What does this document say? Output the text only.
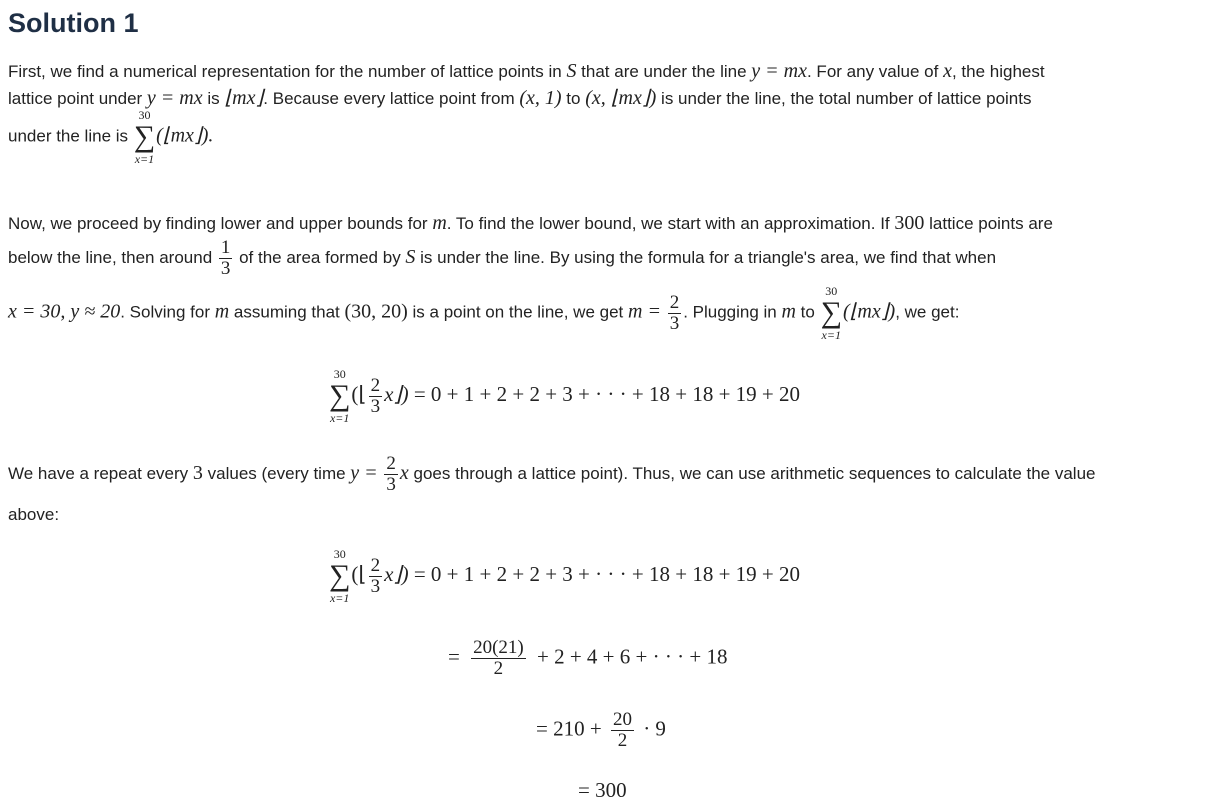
Solution 1
First, we find a numerical representation for the number of lattice points in S that are under the line y = mx. For any value of x, the highest
lattice point under y = mx is ⌊mx⌋. Because every lattice point from (x, 1) to (x, ⌊mx⌋) is under the line, the total number of lattice points
under the line is
30
∑
x=1
(⌊mx⌋).
Now, we proceed by finding lower and upper bounds for m. To find the lower bound, we start with an approximation. If 300 lattice points are
below the line, then around $\frac{1}{3}$ of the area formed by S is under the line. By using the formula for a triangle's area, we find that when
x = 30, y ≈ 20. Solving for m assuming that (30, 20) is a point on the line, we get $m = \frac{2}{3}$ . Plugging in m to
30
∑
x=1
(⌊mx⌋), we get:
30
∑
x=1
(⌊ $\frac{2}{3}$ x⌋) = 0 + 1 + 2 + 2 + 3 + · · · + 18 + 18 + 19 + 20
We have a repeat every 3 values (every time $y = \frac{2}{3}$ x goes through a lattice point). Thus, we can use arithmetic sequences to calculate the value
above:
30
∑
x=1
(⌊ $\frac{2}{3}$ x⌋) = 0 + 1 + 2 + 2 + 3 + · · · + 18 + 18 + 19 + 20
= $\frac{20(21)}{2} + 2 + 4 + 6$ + · · · + 18
= $210 + \frac{20}{2} \cdot 9$
= 300
